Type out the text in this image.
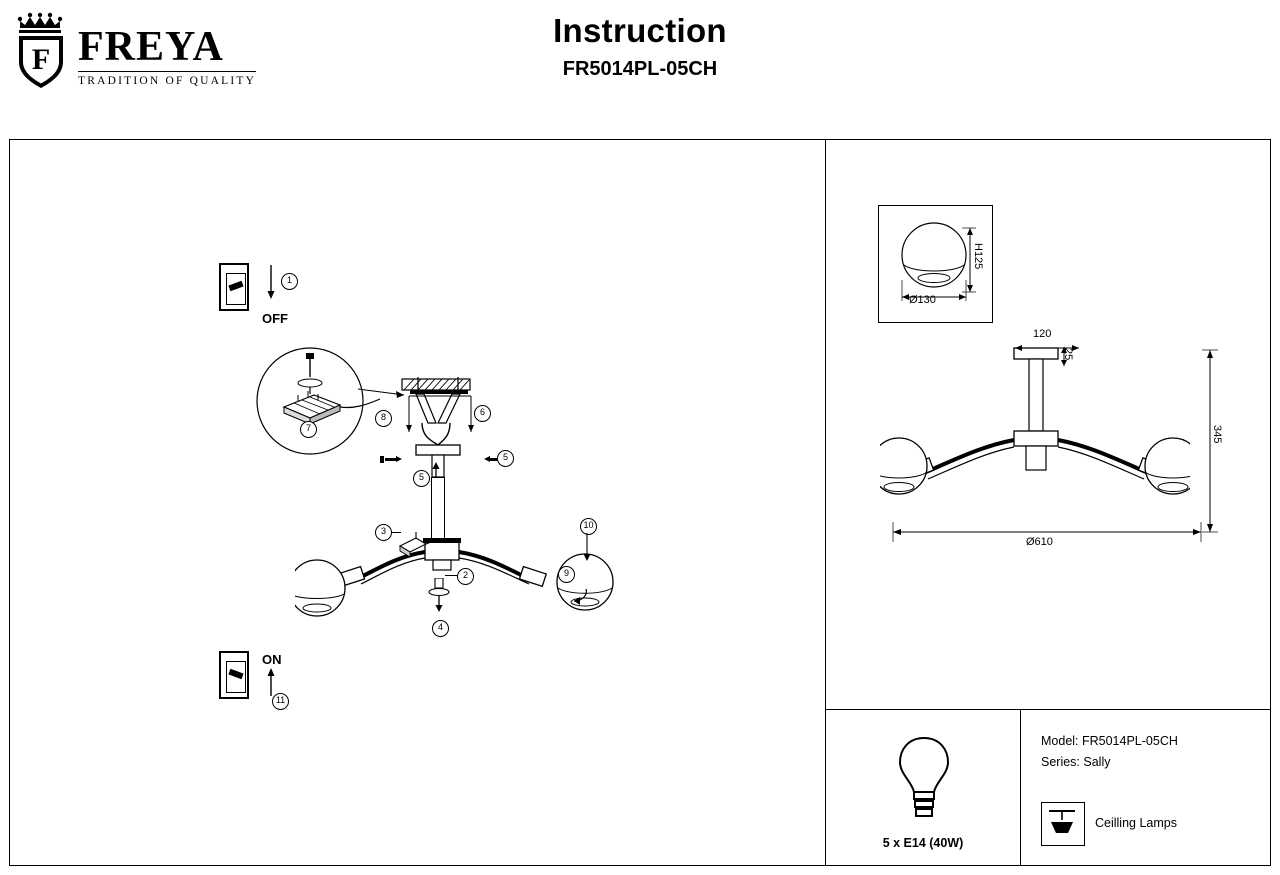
F FREYA
TRADITION OF QUALITY
Instruction
FR5014PL-05CH
OFF
1
7
6
8
5
5
2
3
4
9
10
ON
11
Ø130
H125
120
25
345
Ø610
5 x E14 (40W)
Model: FR5014PL-05CH
Series: Sally
Ceilling Lamps
